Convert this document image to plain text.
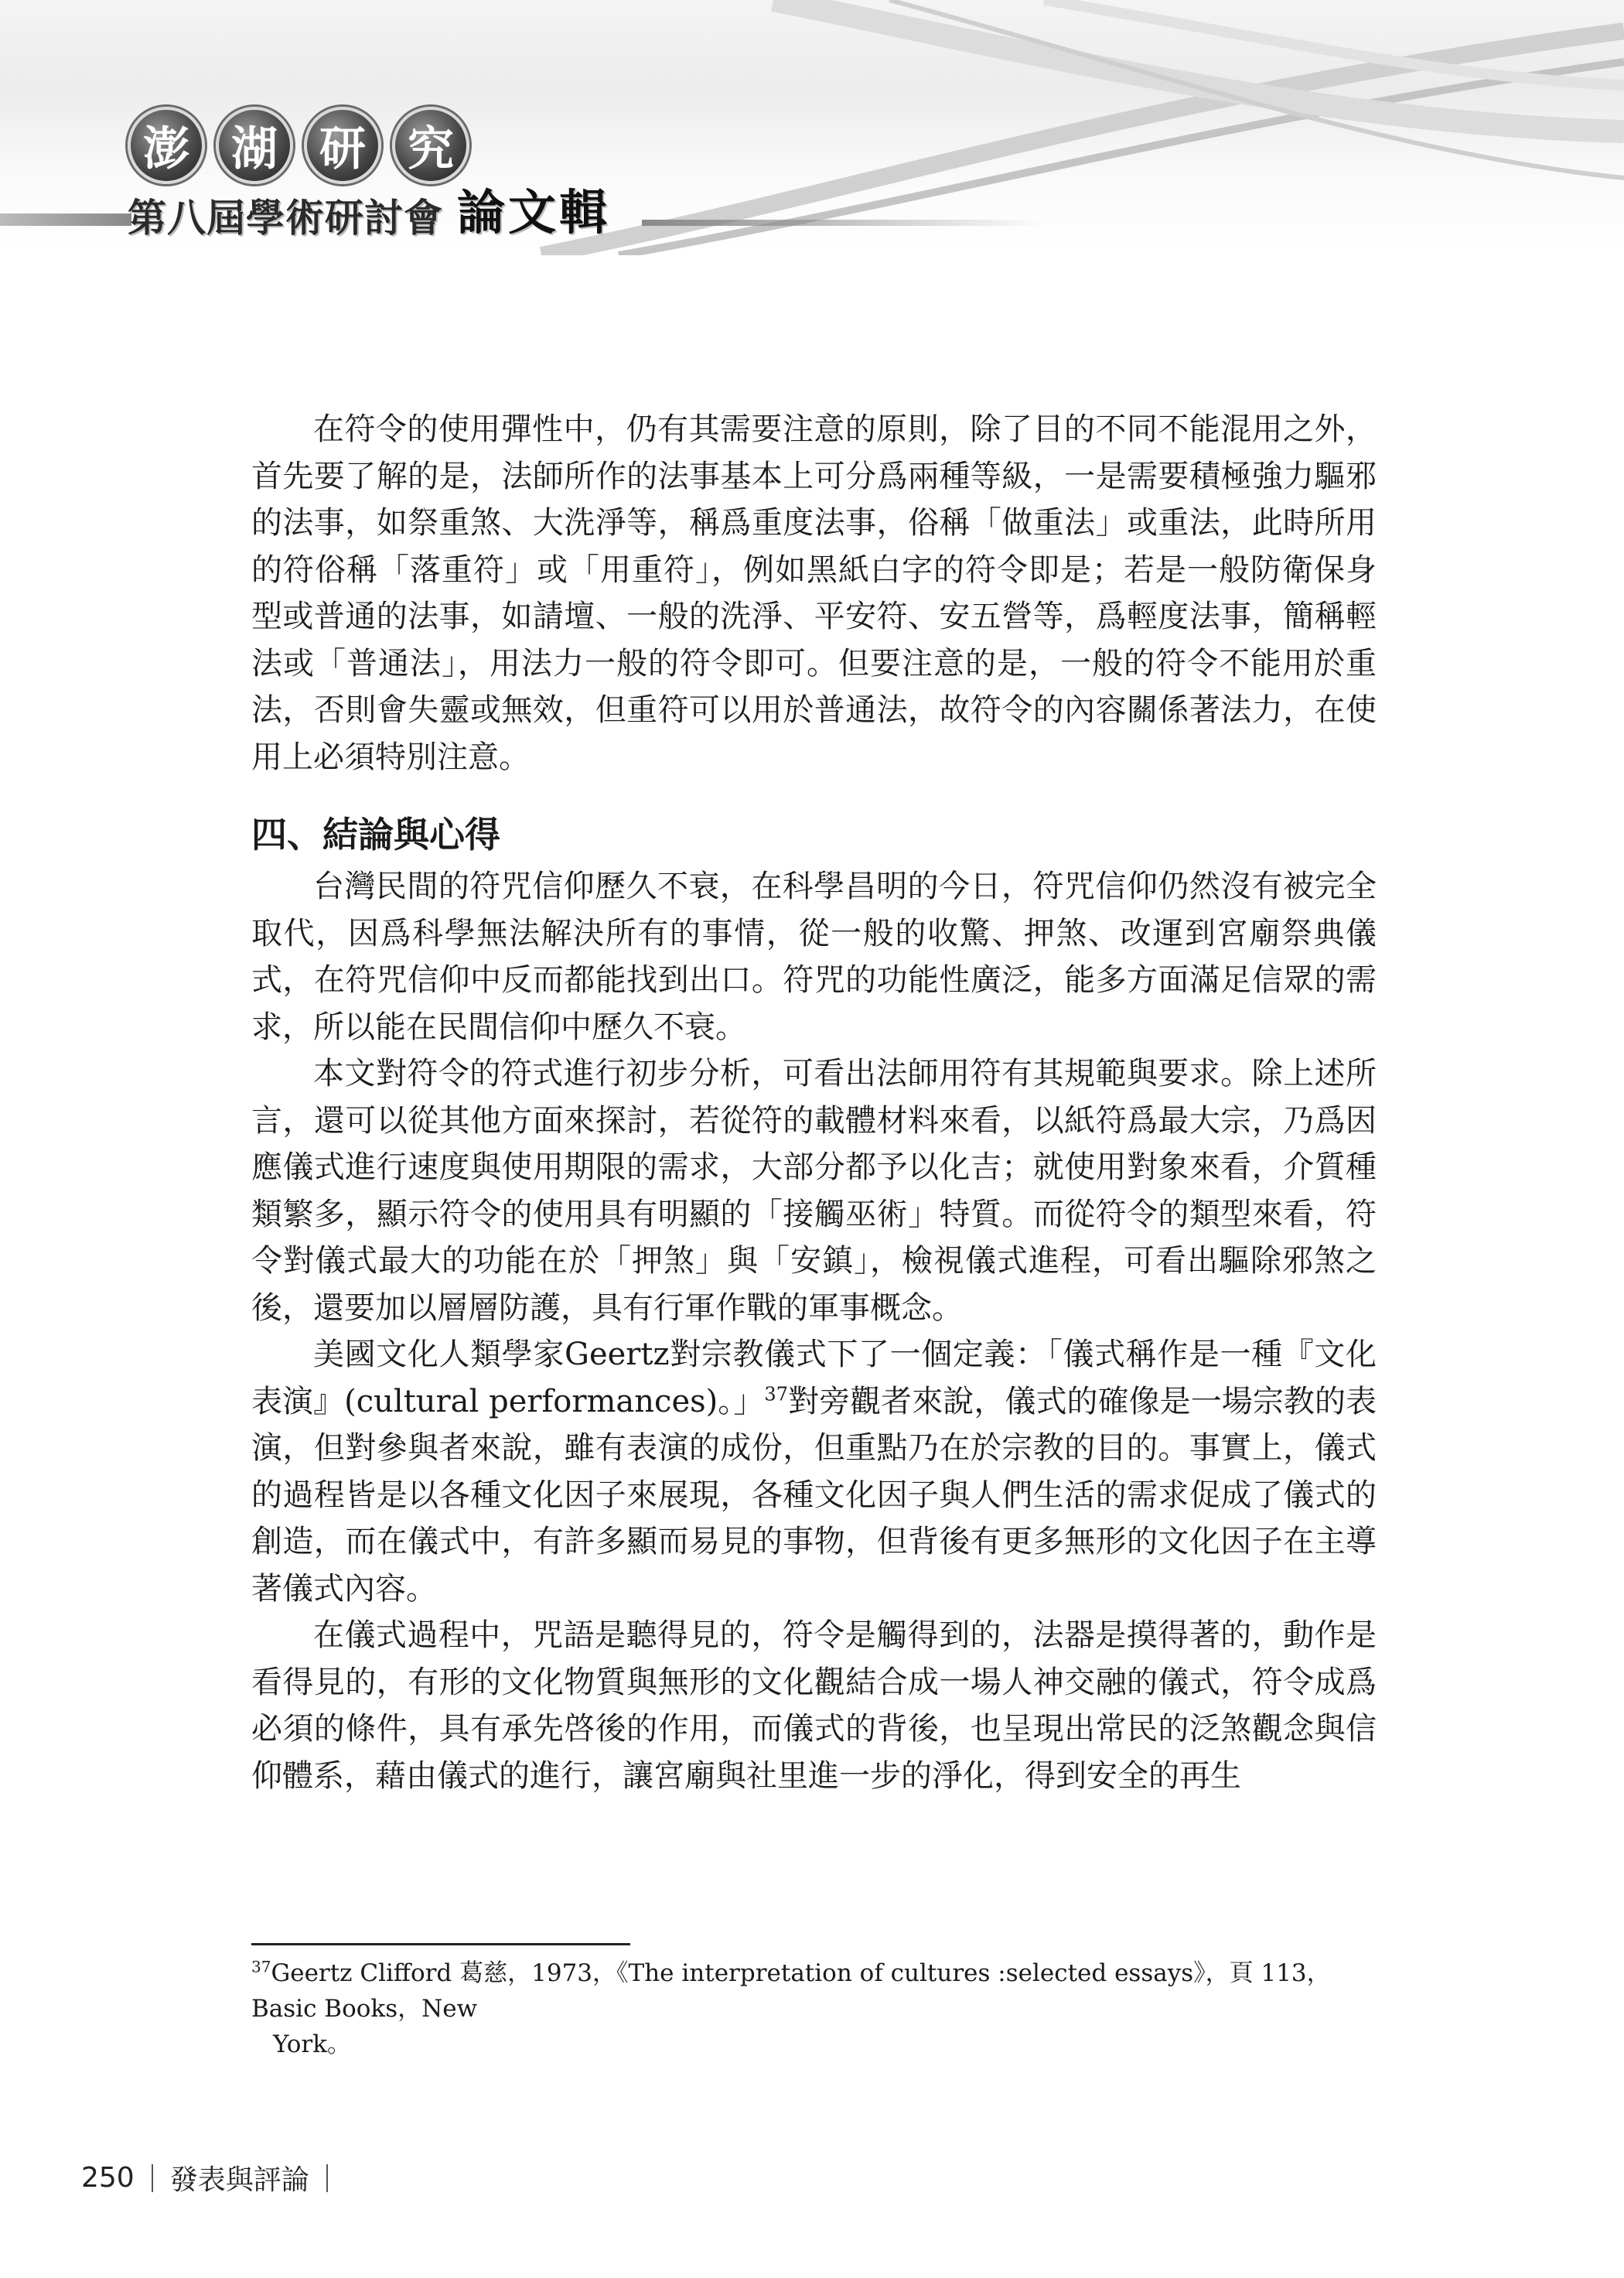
澎 湖 研 究
第八屆學術研討會 論文輯

在符令的使用彈性中，仍有其需要注意的原則，除了目的不同不能混用之外，首先要了解的是，法師所作的法事基本上可分爲兩種等級，一是需要積極強力驅邪的法事，如祭重煞、大洗淨等，稱爲重度法事，俗稱「做重法」或重法，此時所用的符俗稱「落重符」或「用重符」，例如黑紙白字的符令即是；若是一般防衛保身型或普通的法事，如請壇、一般的洗淨、平安符、安五營等，爲輕度法事，簡稱輕法或「普通法」，用法力一般的符令即可。但要注意的是，一般的符令不能用於重法，否則會失靈或無效，但重符可以用於普通法，故符令的內容關係著法力，在使用上必須特別注意。

四、結論與心得

台灣民間的符咒信仰歷久不衰，在科學昌明的今日，符咒信仰仍然沒有被完全取代，因爲科學無法解決所有的事情，從一般的收驚、押煞、改運到宮廟祭典儀式，在符咒信仰中反而都能找到出口。符咒的功能性廣泛，能多方面滿足信眾的需求，所以能在民間信仰中歷久不衰。

本文對符令的符式進行初步分析，可看出法師用符有其規範與要求。除上述所言，還可以從其他方面來探討，若從符的載體材料來看，以紙符爲最大宗，乃爲因應儀式進行速度與使用期限的需求，大部分都予以化吉；就使用對象來看，介質種類繁多，顯示符令的使用具有明顯的「接觸巫術」特質。而從符令的類型來看，符令對儀式最大的功能在於「押煞」與「安鎮」，檢視儀式進程，可看出驅除邪煞之後，還要加以層層防護，具有行軍作戰的軍事概念。

美國文化人類學家Geertz對宗教儀式下了一個定義：「儀式稱作是一種『文化表演』(cultural performances)。」$^{37}$對旁觀者來說，儀式的確像是一場宗教的表演，但對參與者來說，雖有表演的成份，但重點乃在於宗教的目的。事實上，儀式的過程皆是以各種文化因子來展現，各種文化因子與人們生活的需求促成了儀式的創造，而在儀式中，有許多顯而易見的事物，但背後有更多無形的文化因子在主導著儀式內容。

在儀式過程中，咒語是聽得見的，符令是觸得到的，法器是摸得著的，動作是看得見的，有形的文化物質與無形的文化觀結合成一場人神交融的儀式，符令成爲必須的條件，具有承先啓後的作用，而儀式的背後，也呈現出常民的泛煞觀念與信仰體系，藉由儀式的進行，讓宮廟與社里進一步的淨化，得到安全的再生

$^{37}$Geertz Clifford 葛慈，1973，《The interpretation of cultures :selected essays》，頁 113，Basic Books，New
York。

250 發表與評論
